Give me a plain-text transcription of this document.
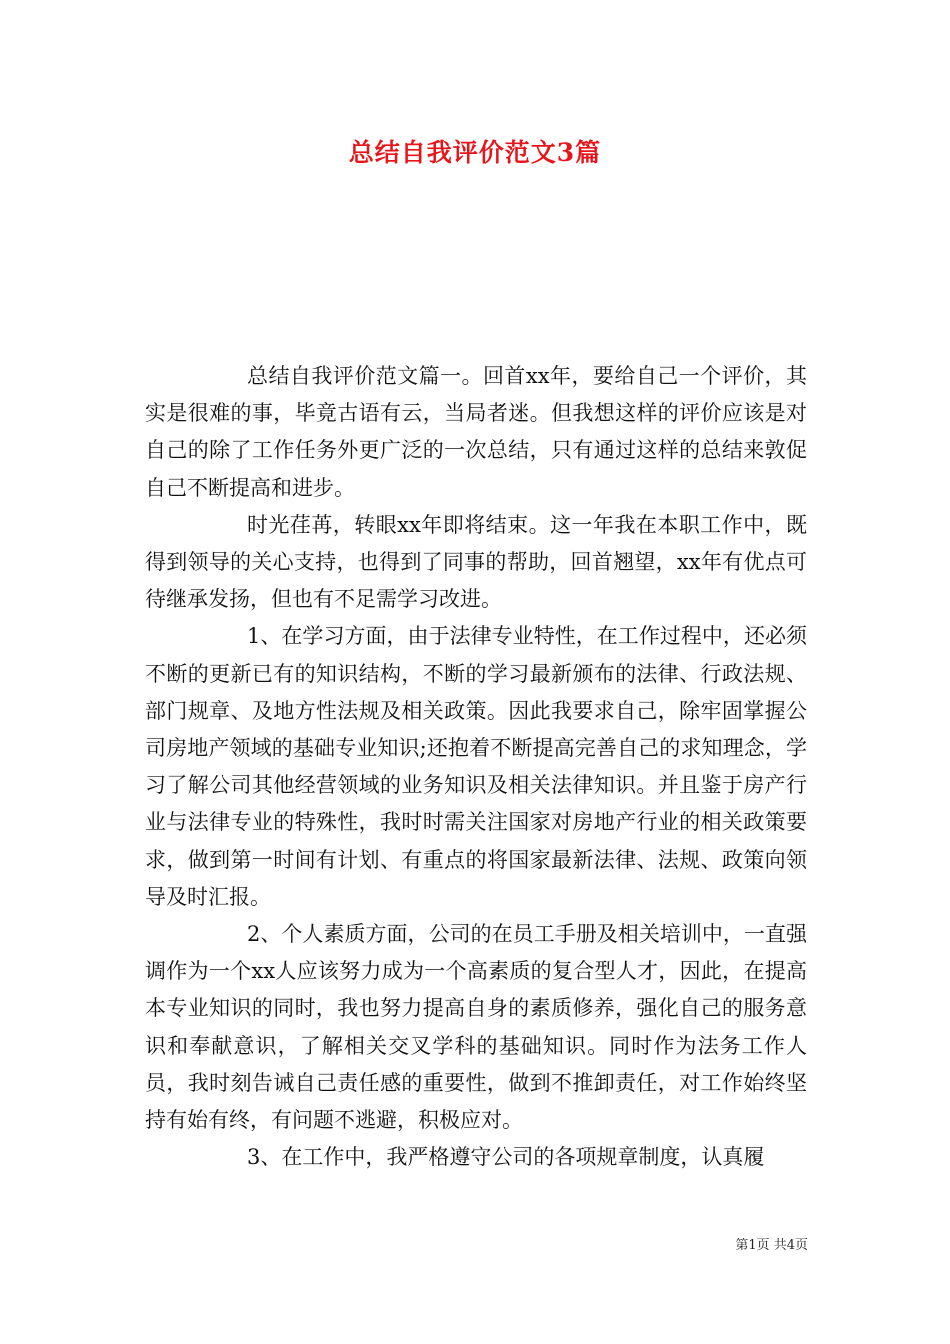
总结自我评价范文3篇

总结自我评价范文篇一。回首xx年，要给自己一个评价，其实是很难的事，毕竟古语有云，当局者迷。但我想这样的评价应该是对自己的除了工作任务外更广泛的一次总结，只有通过这样的总结来敦促自己不断提高和进步。

时光荏苒，转眼xx年即将结束。这一年我在本职工作中，既得到领导的关心支持，也得到了同事的帮助，回首翘望，xx年有优点可待继承发扬，但也有不足需学习改进。

1、在学习方面，由于法律专业特性，在工作过程中，还必须不断的更新已有的知识结构，不断的学习最新颁布的法律、行政法规、部门规章、及地方性法规及相关政策。因此我要求自己，除牢固掌握公司房地产领域的基础专业知识;还抱着不断提高完善自己的求知理念，学习了解公司其他经营领域的业务知识及相关法律知识。并且鉴于房产行业与法律专业的特殊性，我时时需关注国家对房地产行业的相关政策要求，做到第一时间有计划、有重点的将国家最新法律、法规、政策向领导及时汇报。

2、个人素质方面，公司的在员工手册及相关培训中，一直强调作为一个xx人应该努力成为一个高素质的复合型人才，因此，在提高本专业知识的同时，我也努力提高自身的素质修养，强化自己的服务意识和奉献意识，了解相关交叉学科的基础知识。同时作为法务工作人员，我时刻告诫自己责任感的重要性，做到不推卸责任，对工作始终坚持有始有终，有问题不逃避，积极应对。

3、在工作中，我严格遵守公司的各项规章制度，认真履

第1页 共4页
